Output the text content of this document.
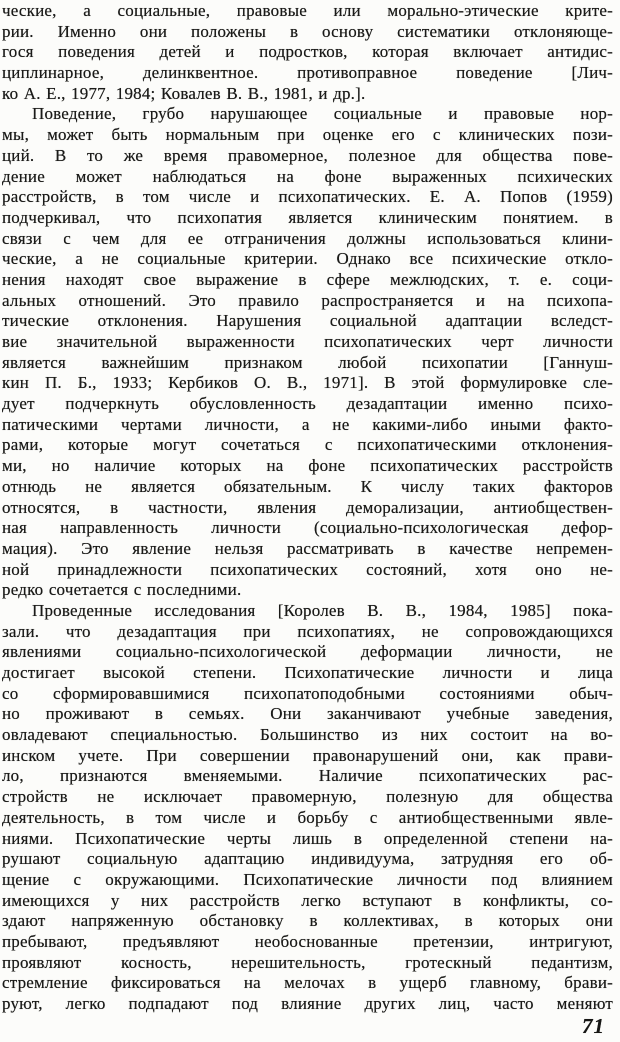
ческие, а социальные, правовые или морально-этические крите-
рии. Именно они положены в основу систематики отклоняюще-
гося поведения детей и подростков, которая включает антидис-
циплинарное, делинквентное. противоправное поведение [Лич-
ко А. Е., 1977, 1984; Ковалев В. В., 1981, и др.].
Поведение, грубо нарушающее социальные и правовые нор-
мы, может быть нормальным при оценке его с клинических пози-
ций. В то же время правомерное, полезное для общества пове-
дение может наблюдаться на фоне выраженных психических
расстройств, в том числе и психопатических. Е. А. Попов (1959)
подчеркивал, что психопатия является клиническим понятием. в
связи с чем для ее отграничения должны использоваться клини-
ческие, а не социальные критерии. Однако все психические откло-
нения находят свое выражение в сфере межлюдских, т. е. соци-
альных отношений. Это правило распространяется и на психопа-
тические отклонения. Нарушения социальной адаптации вследст-
вие значительной выраженности психопатических черт личности
является важнейшим признаком любой психопатии [Ганнуш-
кин П. Б., 1933; Кербиков О. В., 1971]. В этой формулировке сле-
дует подчеркнуть обусловленность дезадаптации именно психо-
патическими чертами личности, а не какими-либо иными факто-
рами, которые могут сочетаться с психопатическими отклонения-
ми, но наличие которых на фоне психопатических расстройств
отнюдь не является обязательным. К числу таких факторов
относятся, в частности, явления деморализации, антиобществен-
ная направленность личности (социально-психологическая дефор-
мация). Это явление нельзя рассматривать в качестве непремен-
ной принадлежности психопатических состояний, хотя оно не-
редко сочетается с последними.
Проведенные исследования [Королев В. В., 1984, 1985] пока-
зали. что дезадаптация при психопатиях, не сопровождающихся
явлениями социально-психологической деформации личности, не
достигает высокой степени. Психопатические личности и лица
со сформировавшимися психопатоподобными состояниями обыч-
но проживают в семьях. Они заканчивают учебные заведения,
овладевают специальностью. Большинство из них состоит на во-
инском учете. При совершении правонарушений они, как прави-
ло, признаются вменяемыми. Наличие психопатических рас-
стройств не исключает правомерную, полезную для общества
деятельность, в том числе и борьбу с антиобщественными явле-
ниями. Психопатические черты лишь в определенной степени на-
рушают социальную адаптацию индивидуума, затрудняя его об-
щение с окружающими. Психопатические личности под влиянием
имеющихся у них расстройств легко вступают в конфликты, со-
здают напряженную обстановку в коллективах, в которых они
пребывают, предъявляют необоснованные претензии, интригуют,
проявляют косность, нерешительность, гротескный педантизм,
стремление фиксироваться на мелочах в ущерб главному, брави-
руют, легко подпадают под влияние других лиц, часто меняют
71
